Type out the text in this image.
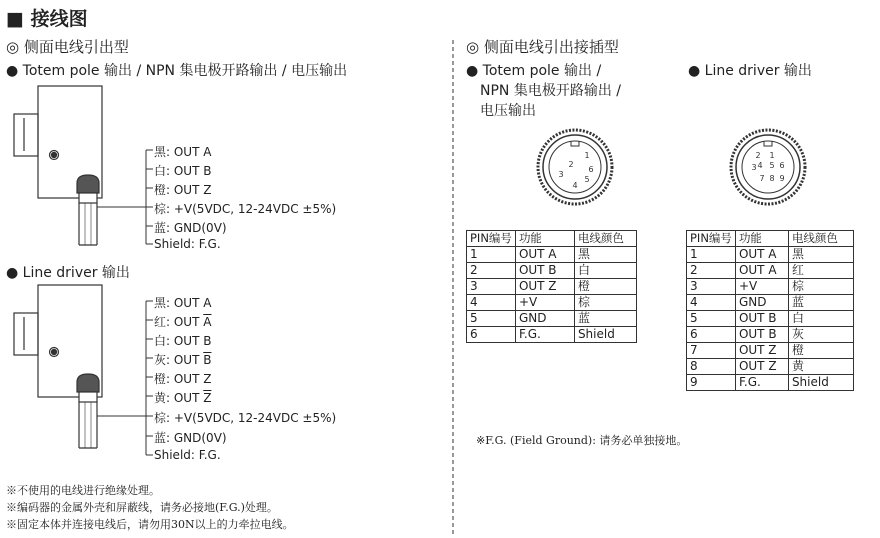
■ 接线图
◎ 侧面电线引出型
● Totem pole 输出 / NPN 集电极开路输出 / 电压输出
● Line driver 输出
1
2
3
4
5
6
1
2
3 4 5 6
7 8 9
黑: OUT A
白: OUT B
橙: OUT Z
棕: +V(5VDC, 12-24VDC ±5%)
蓝: GND(0V)
Shield: F.G.
黑: OUT A
红: OUT $\overline{A}$
白: OUT B
灰: OUT $\overline{B}$
橙: OUT Z
黄: OUT $\overline{Z}$
棕: +V(5VDC, 12-24VDC ±5%)
蓝: GND(0V)
Shield: F.G.
※不使用的电线进行绝缘处理。
※编码器的金属外壳和屏蔽线，请务必接地(F.G.)处理。
※固定本体并连接电线后，请勿用30N以上的力牵拉电线。
◎ 侧面电线引出接插型
● Totem pole 输出 /
NPN 集电极开路输出 /
电压输出
● Line driver 输出
PIN编号	功能	电线颜色
1	OUT A	黑
2	OUT B	白
3	OUT Z	橙
4	+V	棕
5	GND	蓝
6	F.G.	Shield
PIN编号	功能	电线颜色
1	OUT A	黑
2	OUT $\overline{A}$	红
3	+V	棕
4	GND	蓝
5	OUT B	白
6	OUT $\overline{B}$	灰
7	OUT Z	橙
8	OUT $\overline{Z}$	黄
9	F.G.	Shield
※F.G. (Field Ground): 请务必单独接地。
